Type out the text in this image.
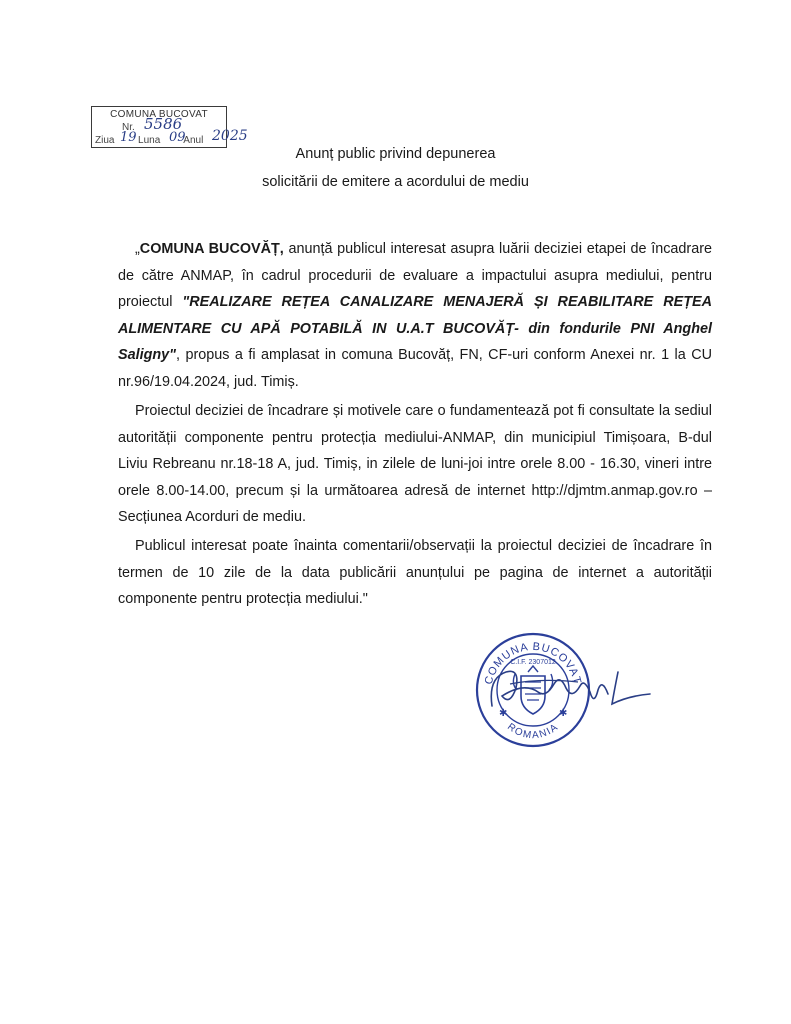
COMUNA BUCOVAT
Nr. 5586
Ziua Luna Anul
19 09 2025
Anunț public privind depunerea
solicitării de emitere a acordului de mediu

„COMUNA BUCOVĂȚ, anunță publicul interesat asupra luării deciziei etapei de încadrare de către ANMAP, în cadrul procedurii de evaluare a impactului asupra mediului, pentru proiectul "REALIZARE REȚEA CANALIZARE MENAJERĂ ȘI REABILITARE REȚEA ALIMENTARE CU APĂ POTABILĂ IN U.A.T BUCOVĂȚ- din fondurile PNI Anghel Saligny", propus a fi amplasat in comuna Bucovăț, FN, CF-uri conform Anexei nr. 1 la CU nr.96/19.04.2024, jud. Timiș.

Proiectul deciziei de încadrare și motivele care o fundamentează pot fi consultate la sediul autorității componente pentru protecția mediului-ANMAP, din municipiul Timișoara, B-dul Liviu Rebreanu nr.18-18 A, jud. Timiș, in zilele de luni-joi intre orele 8.00 - 16.30, vineri intre orele 8.00-14.00, precum și la următoarea adresă de internet http://djmtm.anmap.gov.ro – Secțiunea Acorduri de mediu.

Publicul interesat poate înainta comentarii/observații la proiectul deciziei de încadrare în termen de 10 zile de la data publicării anunțului pe pagina de internet a autorității componente pentru protecția mediului."

COMUNA BUCOVAȚ
ROMANIA
C.I.F. 2307012
✱	✱
